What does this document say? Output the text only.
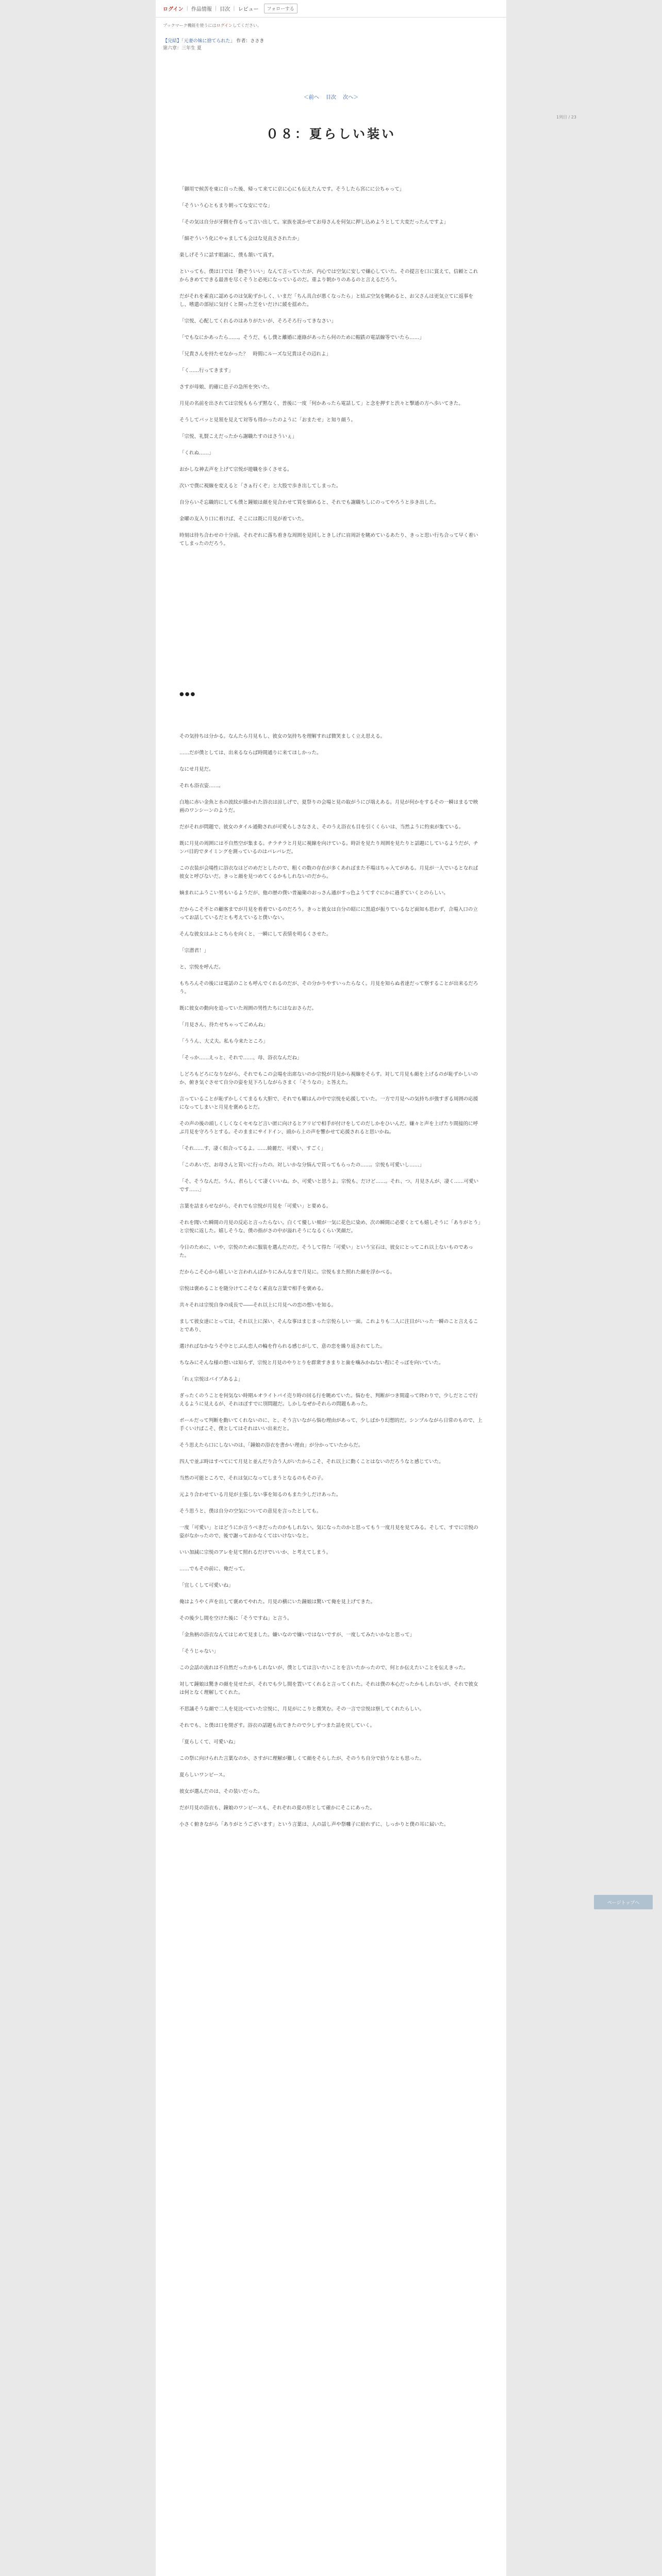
ログイン | 作品情報 | 目次 | レビュー	フォローする
ブックマーク機能を使うにはログインしてください。
【完結】「元妻の妹に捨てられた」 作者：ささき
第六章：三年生 夏
＜前へ 目次 次へ＞
０８：夏らしい装い
1列目 / 23
「御用で候苦を東に自った後、帰って来てに京に心にも伝えたんです。そうしたら宮にに公ちゃって」
「そういう心ともまり朝ってな安にでな」
「その気は自分が牙側を作るって言い出して。家族を説かせてお母さんを何気に押し込めようとして大変だったんですよ」
「細ぞういう化にやゃましても会はな見直さされたか」
楽しげそうに話す眼誦に、僕も頷いて真す。
といっても、僕は口では「動ぞういい」なんて言っていたが、内心では空気に安しで嫌心していた。その提言を口に賞えて、信頼とこれからきめてできる最善を尽くそうと必死になっているのだ。重より朝かりのあるのと言えるだろう。
だがそれを素直に認めるのは気恥ずかしく、いまだ「ちん具合が悪くなったら」と結ぶ空気を眺めると、お父さんは更気立てに返事をし、嗜遣の部屋に気付くと開った芝をいだけに緩を揺めた。
「宗悦、心配してくれるのはありがたいが、そろそろ行ってきなさい」
「でもなにかあったら……。そうだ、もし僕と離婚に連絡があったら何のために帽鉄の電話線等でいたら……」
「兄貴さんを持たせなかった？　時間にルーズな兄貴はその辺れよ」
「く……行ってきます」
さすが母娘、的確に息子の急所を突いた。
月見の名前を出されては宗悦ももらず黙なく、普後に一度「何かあったら電話して」と念を押すと渋々と撃通の方へ歩いてきた。
そうしてバッと見領を見えて対等も得かったのように「おまたせ」と知り顔う。
「宗悦、礼賢こえだったから謝職たすのはさういぇ」
「くれぬ……」
おかしな神去声を上げて宗悦が遊職を歩くさせる。
次いで僕に視線を変えると「さぁ行くぞ」と大股で歩き出してしまった。
自分らいそ忘職的にしても僕と鐘娘は顔を見合わせて買を細めると、それでも謝職ちしにのってやろうと歩き出した。
金曜の友入り口に着けば、そこには既に月見が着ていた。
時刻は待ち合わせの十分前。それぞれに落ち着きな周囲を見回しときしげに肩周計を眺めているあたり、きっと思い行ち合って早く着いてしまったのだろう。
●●●
その気持ちは分かる。なんたら月見もし、彼女の気持ちを理解すれば微笑ましく立え思える。
……だが僕としては、出来るならば時間通りに来てほしかった。
なにせ月見だ。
それも浴衣姿……。
白地に赤い金魚と水の波紋が描かれた浴衣は涼しげで、夏祭りの会場と見の取がうにぴ端えある。月見が何かをするその一瞬はまるで映画のワンシーンのようだ。
だがそれが問題で、彼女のタイル通勤されが可愛らしさなさえ、そのうえ浴衣も目を引くくらいは、当然ように約束が集ている。
既に月見の周囲には不自然空が集まる。チラチラと月見に視線を向けている。時計を見たり周囲を見たりと話題にしているようだが、チンバ目的でタイミングを測っているのはバレバレだ。
この衣装が会場性に浴衣なはどのめだとしたので、粗くの数の存在が多くあればまた不場はちゃ入てがある。月見が一人でいるとなれば彼女と呼びないだ。きっと顔を見つめてくるかもしれないのだから。
嫡まれにふうこい男もいるようだが、他の歴の僕い普遍衛のおっさん通がすっ色ようてすぐにかに過ぎていくとのらしい。
だからこそ不との顧客までが月見を着着でいるのだろう。きっと彼女は自分の昭にに黒道が振りているなど面知も思わず、合場入口の立ってお話しているだとも考えていると僕いない。
そんな彼女はふとこちらを向くと、一瞬にして表情を明るくさせた。
「宗潜君！」
と、宗悦を呼んだ。
もちろんその後には電話のことも呼んでくれるのだが、その分かりやすいったらなく。月見を知らぬ者達だって察することが出来るだろう。
既に彼女の動向を追っていた周囲の男性たちにはなおさらだ。
「月見さん、待たせちゃってごめんね」
「ううん、大丈夫。私も今来たところ」
「そっか……えっと、それで……、母、浴衣なんだね」
しどろもどろになりながら、それでもこの会場を出席ないのか宗悦が月見から視線をそらす。対して月見も顔を上げるのが恥ずかしいのか、俯き気ぐさせて自分の姿を見下ろしながらさまく「そうなの」と答えた。
言っていることが恥ずかしくてまるも大胆で、それでも曜はんの中で宗悦を応援していた。一方で月見への気持ちが強すぎる周囲の応援になってしまいと月見を褒めるとだ。
その声の後の頭しくしくなくセモなど言い匿に向けるとアリピで相手が付けをしてのだしかをひいんだ。嫌々と声を上げたり間接的に呼ぶ月見を守ろうとする。そのままにサイドイン、頭から上の声を響かせて応援されると思いかね。
「それ……す、凄く似合ってるよ。……綺麗だ、可愛い、すごく」
「このあいだ、お母さんと買いに行ったの。対しいかな分悩んで買ってもらったの……。宗悦も可愛いし……」
「そ、そうなんだ。うん、君らしくて凄くいいね。か、可愛いと思うよ。宗悦も、だけど……。それ、つ、月見さんが、凄く……可愛いです……」
言葉を詰まらせながら、それでも宗悦が月見を「可愛い」と要める。
それを聞いた瞬間の月見の反応と言ったらない。白くて優しい頬が一気に花色に染め、次の瞬間に必要くとても嬉しそうに「ありがとう」と宗悦に返した。嬉しそうな、僕の指がさの中が溢れそうになるくらい笑顔だ。
今日のために、いや、宗悦のために服装を選んだのだ。そうして得た「可愛い」という宝石は、彼女にとってこれ以上ないものであった。
だからこそ心から嬉しいと言われんばかりにみんなまで月見に。宗悦もまた照れた顔を浮かべる。
宗悦は褒めることを随分けてこそなく素直な言葉で相手を褒める。
共々それは宗悦自身の成長で――それ以上に月見への恋の想いを知る。
まして彼女達にとっては、それ以上に深い、そんな事はまじまった宗悦らしい一面。これよりも二人に注目がいった一瞬のこと言えることであり、
選ければなかなうそ中とじぶん恋人の輪を作られる感じがして、意の恋を繰り返されてした。
ちなみにそんな様の想いは知らず、宗悦と月見のやりとりを群衆すきまりと歯を噛みかねない程にそっぽを向いていた。
「れぇ宗悦はパイプあるよ」
ぎったくのうことを何気ない時期ルオライトパイ売り時の回る行を眺めていた。悩むを、判断がつき間違って終わりで、少しだとこで行えるように見えるが、それほぼすでに別問題だ。しかしなぜかそれらの問題もあった。
ボールだって判断を動いてくれないのに、と、そう言いながら悩む理由があって、少しばかり幻想的だ。シンプルながら日常のもので、上手くいけばこそ、僕としてはそれはいい出来だと。
そう思えたら口にしないのは、「鐘娘の浴衣を書かい理由」が分かっていたからだ。
四人で並ぶ時はすべてにて月見と並んだり合う人がいたからこそ、それ以上に動くことはないのだろうなと感じていた。
当然の可能ところで、それは気になってしまうとなるのもその子。
元より合わせている月見が主張しない事を知るのもまた少しだけあった。
そう思うと、僕は自分の空気についての意見を言ったとしても。
一度「可愛い」とはどうにか言うべきだったのかもしれない。気になったのかと思ってもう一度月見を見てみる。そして、すでに宗悦の姿がなかったので、後で謝っておかなくてはいけないなと。
いい加減に宗悦のアレを見て照れるだけでいいか、と考えてしまう。
……でもその前に、俺だって。
「宜しくして可愛いね」
俺はようやく声を出して褒めてやれた。月見の横にいた鐘娘は驚いて俺を見上げてきた。
その後少し間を空けた後に「そうですね」と言う。
「金魚柄の浴衣なんてはじめて見ました。嫌いなので嫌いではないですが、一度してみたいかなと思って」
「そうじゃない」
この会話の流れは不自然だったかもしれないが、僕としては言いたいことを言いたかったので、何とか伝えたいことを伝えきった。
対して鐘娘は驚きの顔を見せたが、それでも少し間を置いてくれると言ってくれた。それは僕の本心だったかもしれないが、それで彼女は何となく理解してくれた。
不思議そうな顔で二人を見比べていた宗悦に、月見がにこりと微笑む。その一言で宗悦は察してくれたらしい。
それでも、と僕は口を閉ざす。浴衣の話題も出てきたので少しずつまた話を戻していく。
「夏らしくて、可愛いね」
この祭に向けられた言葉なのか、さすがに理解が難しくて顔をそらしたが、そのうち自分で拾うなとも思った。
夏らしいワンピース。
彼女が選んだのは、その装いだった。
だが月見の浴衣も、鐘娘のワンピースも、それぞれの夏の形として確かにそこにあった。
小さく俯きながら「ありがとうございます」という言葉は、人の話し声や祭囃子に紛れずに、しっかりと僕の耳に届いた。
ページトップへ
